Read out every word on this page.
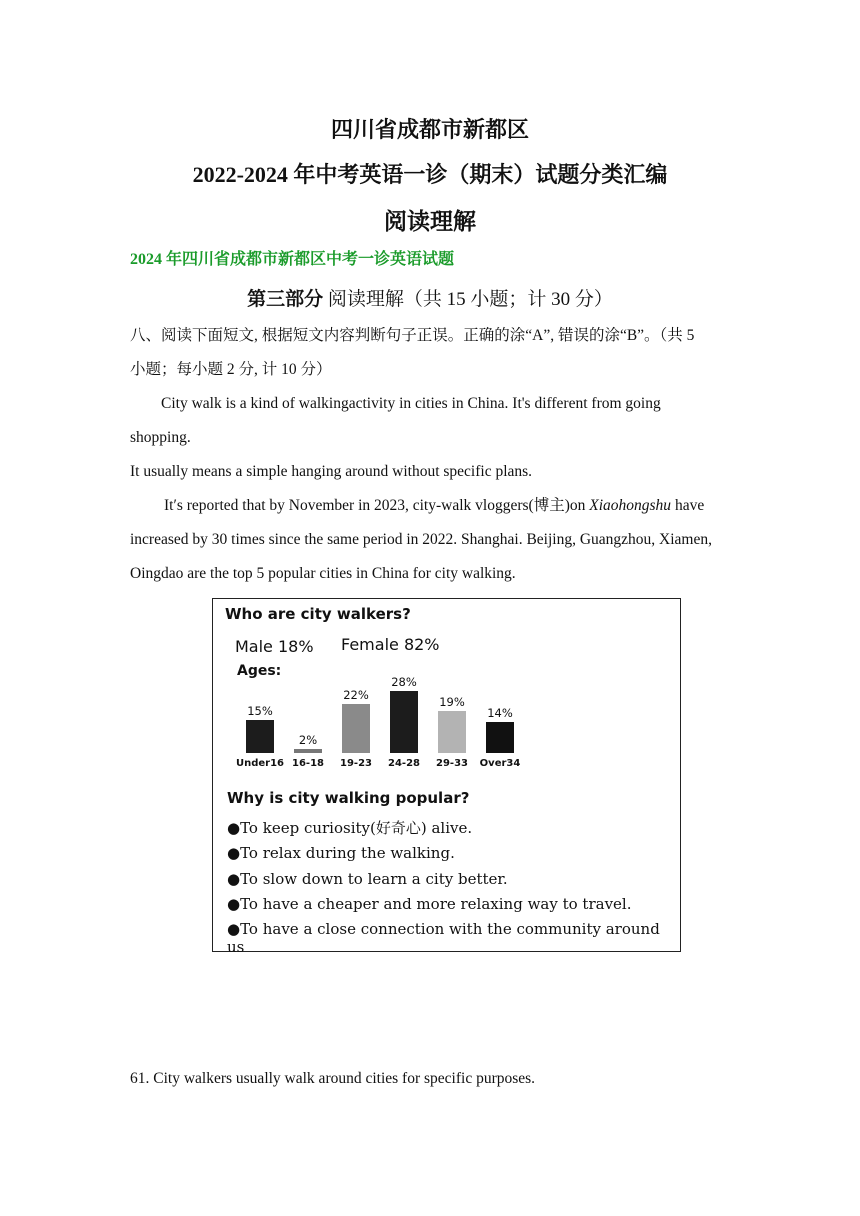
四川省成都市新都区
2022-2024 年中考英语一诊（期末）试题分类汇编
阅读理解
2024 年四川省成都市新都区中考一诊英语试题
第三部分 阅读理解（共 15 小题；计 30 分）
八、阅读下面短文, 根据短文内容判断句子正误。正确的涂“A”, 错误的涂“B”。（共 5
小题；每小题 2 分, 计 10 分）
City walk is a kind of walkingactivity in cities in China. It's different from going
shopping.
It usually means a simple hanging around without specific plans.
It′s reported that by November in 2023, city-walk vloggers(博主)on Xiaohongshu have
increased by 30 times since the same period in 2022. Shanghai. Beijing, Guangzhou, Xiamen,
Oingdao are the top 5 popular cities in China for city walking.
Who are city walkers?
Male 18% Female 82%
Ages:
15%
Under16
2%
16-18
22%
19-23
28%
24-28
19%
29-33
14%
Over34
Why is city walking popular?
●To keep curiosity(好奇心) alive.
●To relax during the walking.
●To slow down to learn a city better.
●To have a cheaper and more relaxing way to travel.
●To have a close connection with the community around us
61. City walkers usually walk around cities for specific purposes.
